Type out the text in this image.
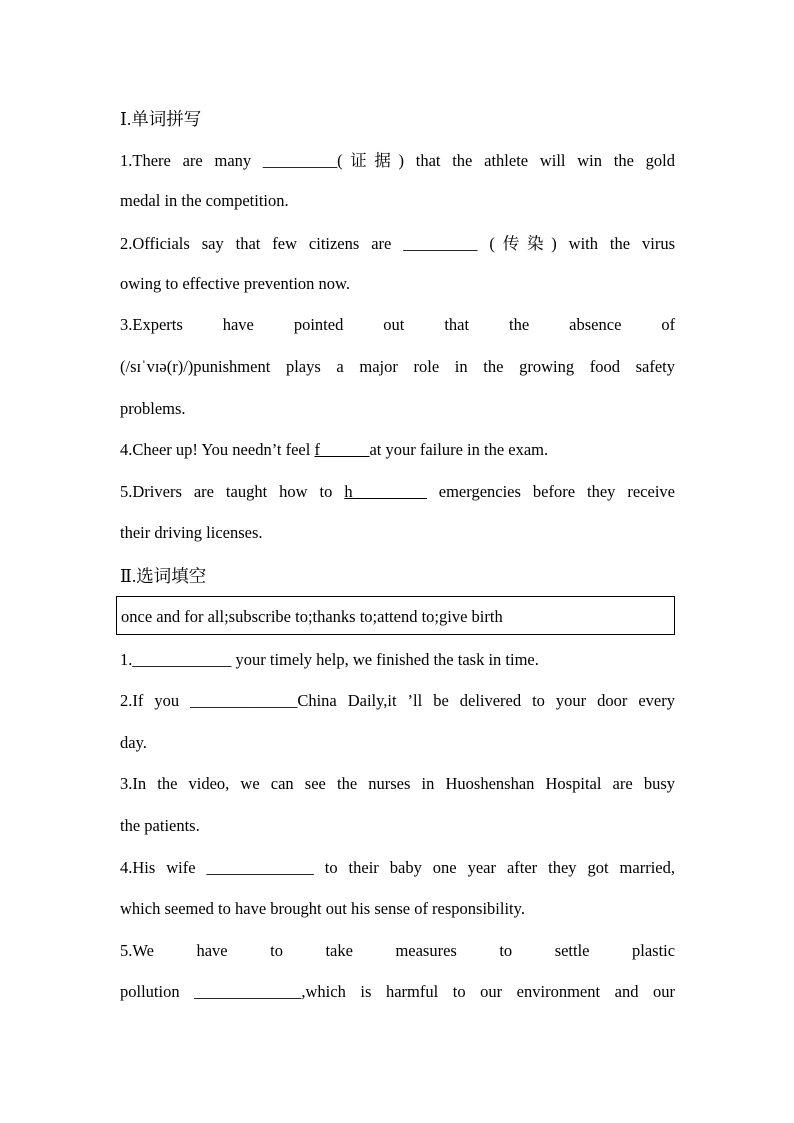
Ⅰ.单词拼写
1.There are many _________(证据) that the athlete will win the gold
medal in the competition.
2.Officials say that few citizens are _________ (传染) with the virus
owing to effective prevention now.
3.Experts have pointed out that the absence of
(/sɪˈvɪə(r)/)punishment plays a major role in the growing food safety
problems.
4.Cheer up! You needn’t feel f______at your failure in the exam.
5.Drivers are taught how to h_________ emergencies before they receive
their driving licenses.
Ⅱ.选词填空
once and for all;subscribe to;thanks to;attend to;give birth
1.____________ your timely help, we finished the task in time.
2.If you _____________China Daily,it ’ll be delivered to your door every
day.
3.In the video, we can see the nurses in Huoshenshan Hospital are busy
the patients.
4.His wife _____________ to their baby one year after they got married,
which seemed to have brought out his sense of responsibility.
5.We	have	to	take	measures	to	settle	plastic
pollution _____________,which is harmful to our environment and our
